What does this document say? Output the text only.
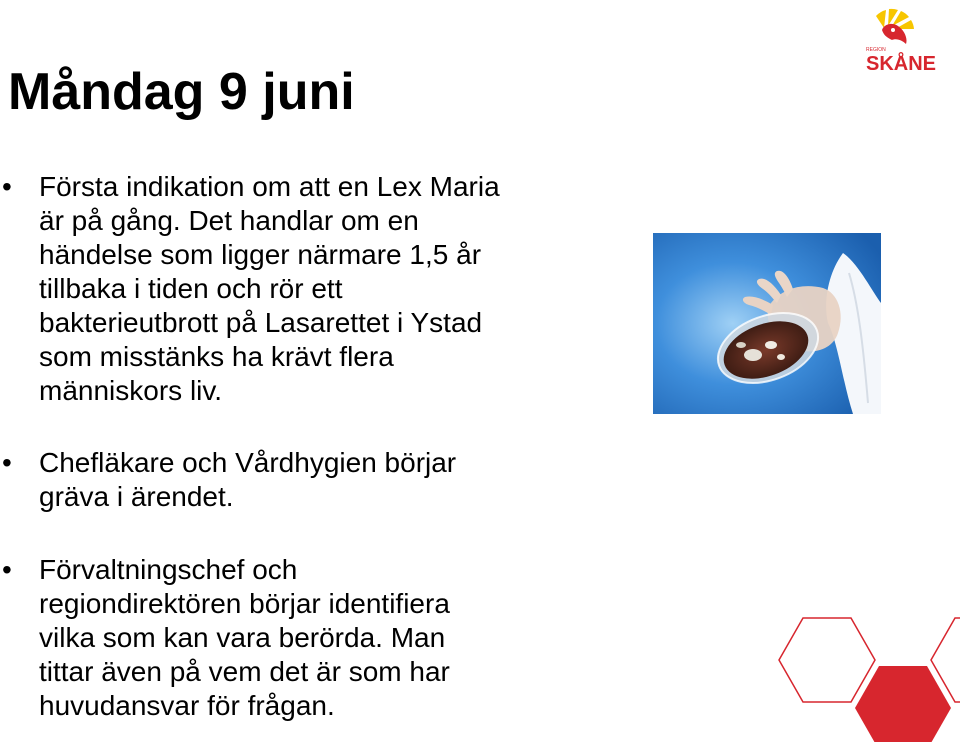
Måndag 9 juni
REGION
SKÅNE
• Första indikation om att en Lex Maria
är på gång. Det handlar om en
händelse som ligger närmare 1,5 år
tillbaka i tiden och rör ett
bakterieutbrott på Lasarettet i Ystad
som misstänks ha krävt flera
människors liv.

• Chefläkare och Vårdhygien börjar
gräva i ärendet.

• Förvaltningschef och
regiondirektören börjar identifiera
vilka som kan vara berörda. Man
tittar även på vem det är som har
huvudansvar för frågan.
